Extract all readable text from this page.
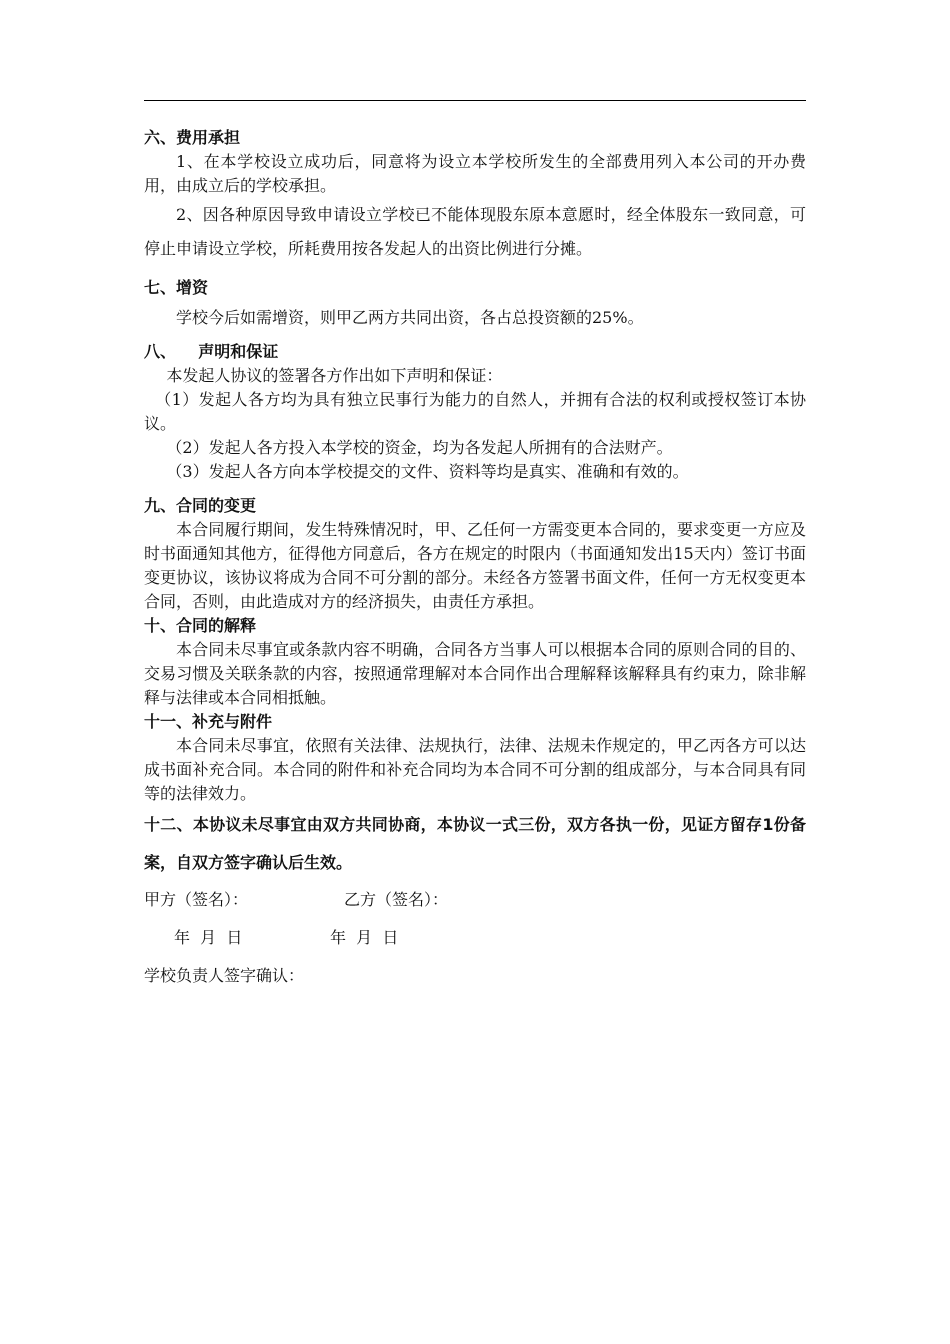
六、费用承担

1、在本学校设立成功后，同意将为设立本学校所发生的全部费用列入本公司的开办费用，由成立后的学校承担。

2、因各种原因导致申请设立学校已不能体现股东原本意愿时，经全体股东一致同意，可停止申请设立学校，所耗费用按各发起人的出资比例进行分摊。

七、增资

学校今后如需增资，则甲乙两方共同出资，各占总投资额的25%。

八、    声明和保证

本发起人协议的签署各方作出如下声明和保证：

（1）发起人各方均为具有独立民事行为能力的自然人，并拥有合法的权利或授权签订本协议。

（2）发起人各方投入本学校的资金，均为各发起人所拥有的合法财产。

（3）发起人各方向本学校提交的文件、资料等均是真实、准确和有效的。

九、合同的变更

本合同履行期间，发生特殊情况时，甲、乙任何一方需变更本合同的，要求变更一方应及时书面通知其他方，征得他方同意后，各方在规定的时限内（书面通知发出15天内）签订书面变更协议，该协议将成为合同不可分割的部分。未经各方签署书面文件，任何一方无权变更本合同，否则，由此造成对方的经济损失，由责任方承担。

十、合同的解释

本合同未尽事宜或条款内容不明确，合同各方当事人可以根据本合同的原则合同的目的、交易习惯及关联条款的内容，按照通常理解对本合同作出合理解释该解释具有约束力，除非解释与法律或本合同相抵触。

十一、补充与附件

本合同未尽事宜，依照有关法律、法规执行，法律、法规未作规定的，甲乙丙各方可以达成书面补充合同。本合同的附件和补充合同均为本合同不可分割的组成部分，与本合同具有同等的法律效力。

十二、本协议未尽事宜由双方共同协商，本协议一式三份，双方各执一份，见证方留存1份备案，自双方签字确认后生效。

甲方（签名）：	乙方（签名）：
年  月  日	年  月  日
学校负责人签字确认：
